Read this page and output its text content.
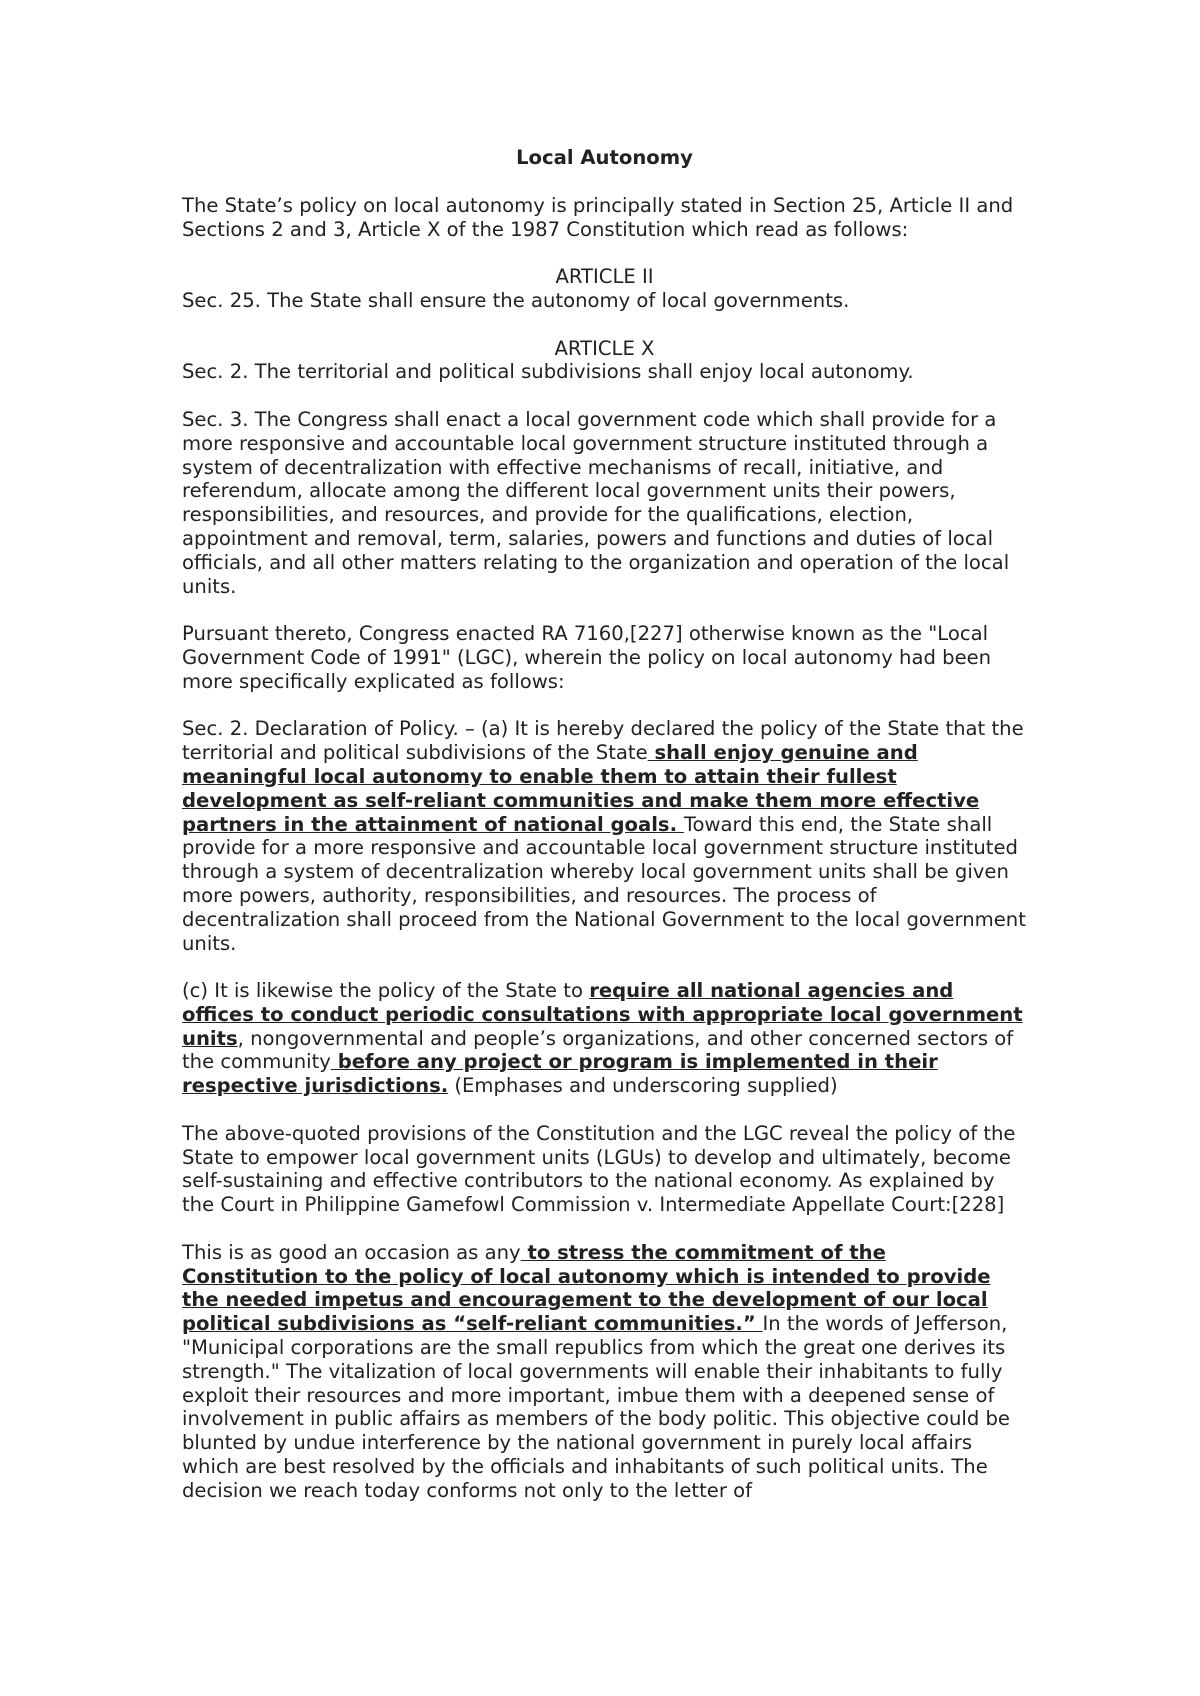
Local Autonomy

The State’s policy on local autonomy is principally stated in Section 25, Article II and Sections 2 and 3, Article X of the 1987 Constitution which read as follows:

ARTICLE II

Sec. 25. The State shall ensure the autonomy of local governments.

ARTICLE X

Sec. 2. The territorial and political subdivisions shall enjoy local autonomy.

Sec. 3. The Congress shall enact a local government code which shall provide for a more responsive and accountable local government structure instituted through a system of decentralization with effective mechanisms of recall, initiative, and referendum, allocate among the different local government units their powers, responsibilities, and resources, and provide for the qualifications, election, appointment and removal, term, salaries, powers and functions and duties of local officials, and all other matters relating to the organization and operation of the local units.

Pursuant thereto, Congress enacted RA 7160,[227] otherwise known as the "Local Government Code of 1991" (LGC), wherein the policy on local autonomy had been more specifically explicated as follows:

Sec. 2. Declaration of Policy. – (a) It is hereby declared the policy of the State that the territorial and political subdivisions of the State shall enjoy genuine and meaningful local autonomy to enable them to attain their fullest development as self-reliant communities and make them more effective partners in the attainment of national goals. Toward this end, the State shall provide for a more responsive and accountable local government structure instituted through a system of decentralization whereby local government units shall be given more powers, authority, responsibilities, and resources. The process of decentralization shall proceed from the National Government to the local government units.

(c) It is likewise the policy of the State to require all national agencies and offices to conduct periodic consultations with appropriate local government units, nongovernmental and people’s organizations, and other concerned sectors of the community before any project or program is implemented in their respective jurisdictions. (Emphases and underscoring supplied)

The above-quoted provisions of the Constitution and the LGC reveal the policy of the State to empower local government units (LGUs) to develop and ultimately, become self-sustaining and effective contributors to the national economy. As explained by the Court in Philippine Gamefowl Commission v. Intermediate Appellate Court:[228]

This is as good an occasion as any to stress the commitment of the Constitution to the policy of local autonomy which is intended to provide the needed impetus and encouragement to the development of our local political subdivisions as “self-reliant communities.” In the words of Jefferson, "Municipal corporations are the small republics from which the great one derives its strength." The vitalization of local governments will enable their inhabitants to fully exploit their resources and more important, imbue them with a deepened sense of involvement in public affairs as members of the body politic. This objective could be blunted by undue interference by the national government in purely local affairs which are best resolved by the officials and inhabitants of such political units. The decision we reach today conforms not only to the letter of
